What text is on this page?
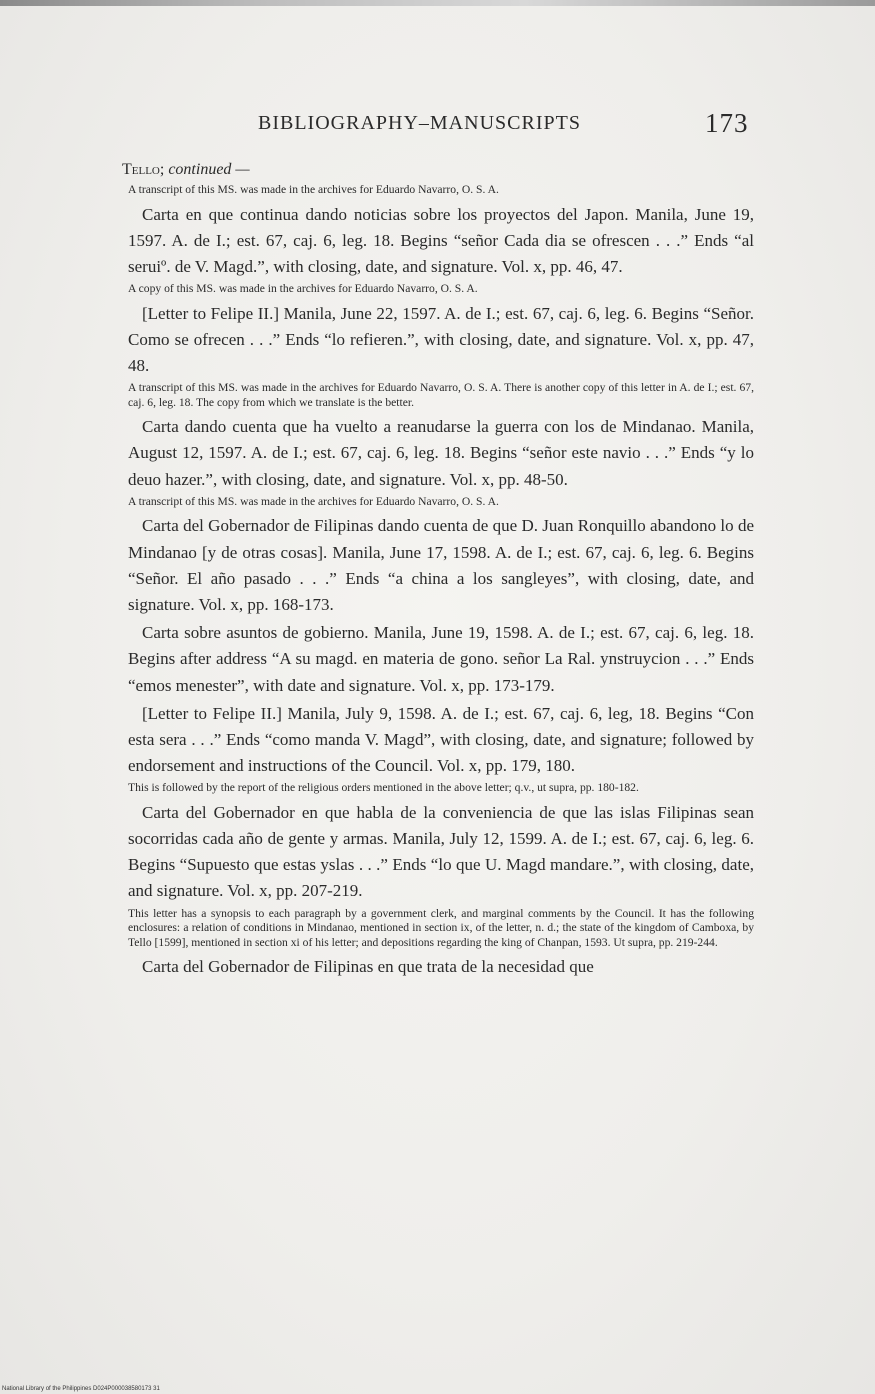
BIBLIOGRAPHY–MANUSCRIPTS	173
Tello; continued —
A transcript of this MS. was made in the archives for Eduardo Navarro, O. S. A.
Carta en que continua dando noticias sobre los proyectos del Japon. Manila, June 19, 1597. A. de I.; est. 67, caj. 6, leg. 18. Begins “señor Cada dia se ofrescen . . .” Ends “al seruiº. de V. Magd.”, with closing, date, and signature. Vol. x, pp. 46, 47.
A copy of this MS. was made in the archives for Eduardo Navarro, O. S. A.
[Letter to Felipe II.] Manila, June 22, 1597. A. de I.; est. 67, caj. 6, leg. 6. Begins “Señor. Como se ofrecen . . .” Ends “lo refieren.”, with closing, date, and signature. Vol. x, pp. 47, 48.
A transcript of this MS. was made in the archives for Eduardo Navarro, O. S. A. There is another copy of this letter in A. de I.; est. 67, caj. 6, leg. 18. The copy from which we translate is the better.
Carta dando cuenta que ha vuelto a reanudarse la guerra con los de Mindanao. Manila, August 12, 1597. A. de I.; est. 67, caj. 6, leg. 18. Begins “señor este navio . . .” Ends “y lo deuo hazer.”, with closing, date, and signature. Vol. x, pp. 48-50.
A transcript of this MS. was made in the archives for Eduardo Navarro, O. S. A.
Carta del Gobernador de Filipinas dando cuenta de que D. Juan Ronquillo abandono lo de Mindanao [y de otras cosas]. Manila, June 17, 1598. A. de I.; est. 67, caj. 6, leg. 6. Begins “Señor. El año pasado . . .” Ends “a china a los sangleyes”, with closing, date, and signature. Vol. x, pp. 168-173.
Carta sobre asuntos de gobierno. Manila, June 19, 1598. A. de I.; est. 67, caj. 6, leg. 18. Begins after address “A su magd. en materia de gono. señor La Ral. ynstruycion . . .” Ends “emos menester”, with date and signature. Vol. x, pp. 173-179.
[Letter to Felipe II.] Manila, July 9, 1598. A. de I.; est. 67, caj. 6, leg, 18. Begins “Con esta sera . . .” Ends “como manda V. Magd”, with closing, date, and signature; followed by endorsement and instructions of the Council. Vol. x, pp. 179, 180.
This is followed by the report of the religious orders mentioned in the above letter; q.v., ut supra, pp. 180-182.
Carta del Gobernador en que habla de la conveniencia de que las islas Filipinas sean socorridas cada año de gente y armas. Manila, July 12, 1599. A. de I.; est. 67, caj. 6, leg. 6. Begins “Supuesto que estas yslas . . .” Ends “lo que U. Magd mandare.”, with closing, date, and signature. Vol. x, pp. 207-219.
This letter has a synopsis to each paragraph by a government clerk, and marginal comments by the Council. It has the following enclosures: a relation of conditions in Mindanao, mentioned in section ix, of the letter, n. d.; the state of the kingdom of Camboxa, by Tello [1599], mentioned in section xi of his letter; and depositions regarding the king of Chanpan, 1593. Ut supra, pp. 219-244.
Carta del Gobernador de Filipinas en que trata de la necesidad que
National Library of the Philippines D024P000038580173 31
